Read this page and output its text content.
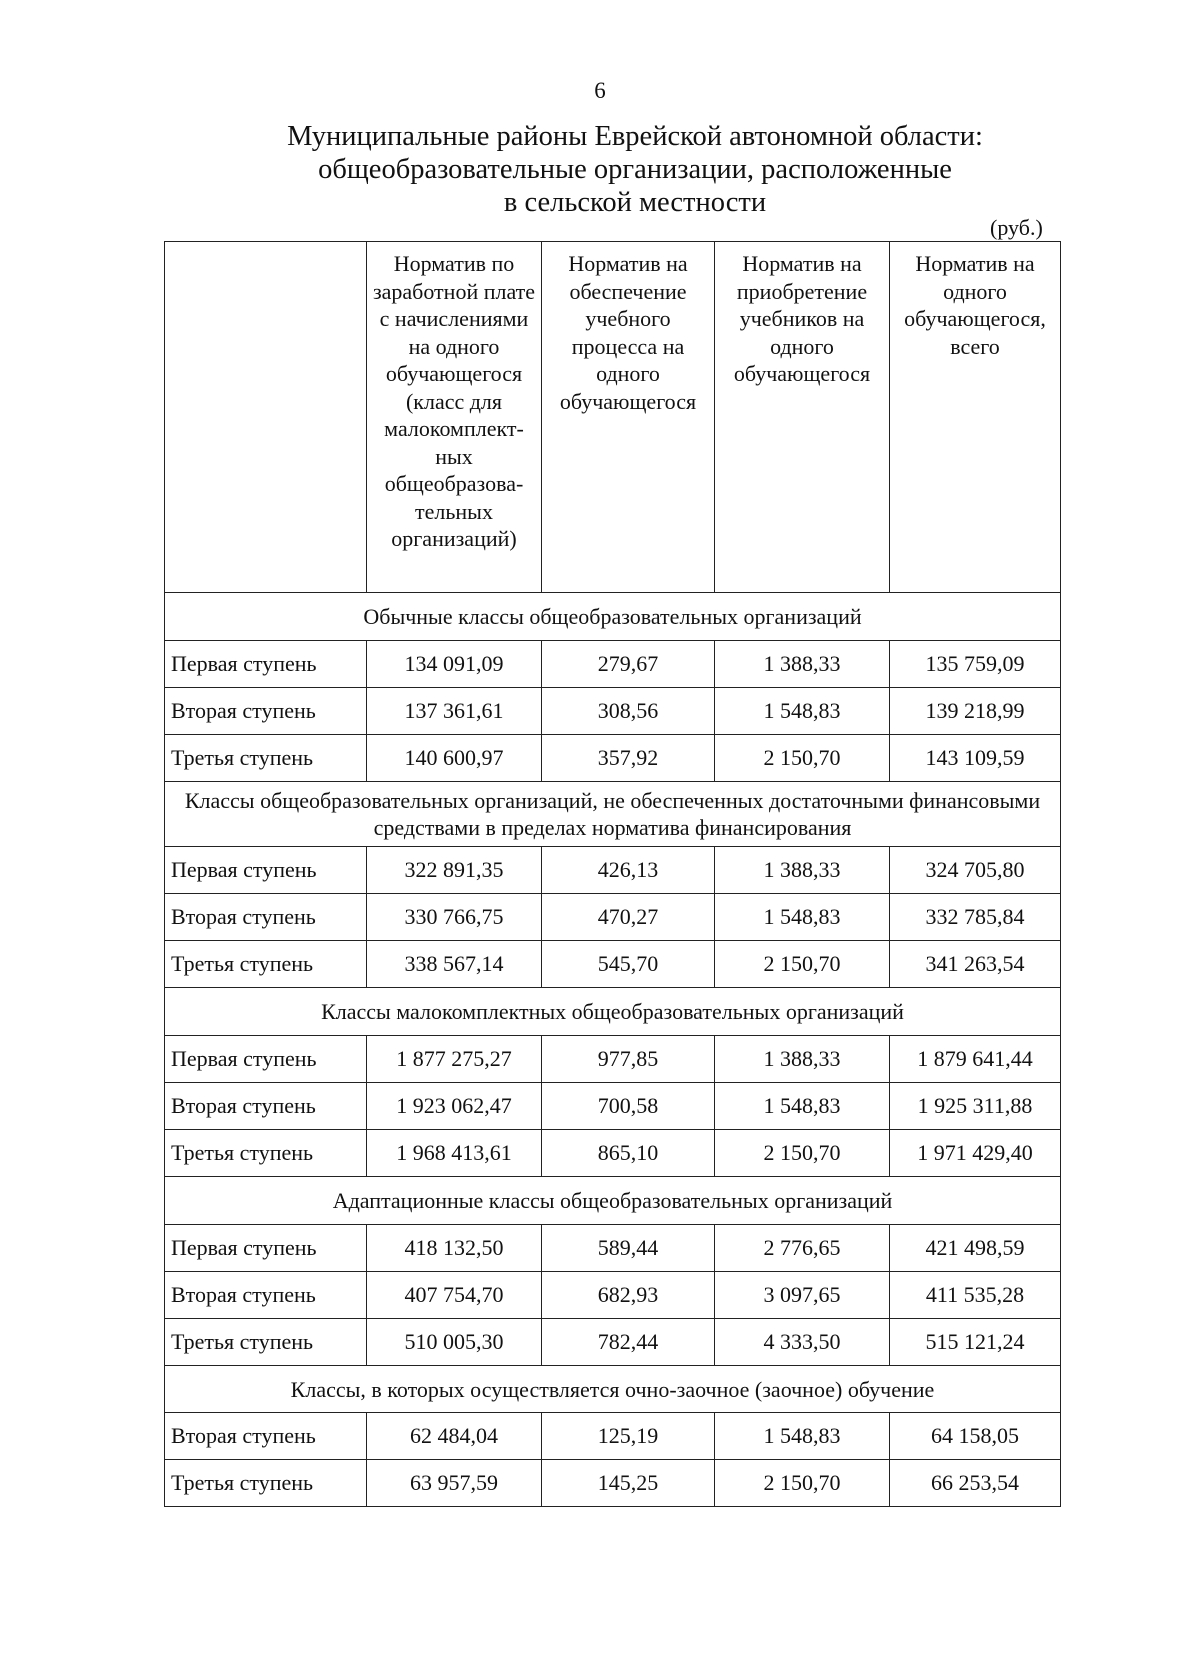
6
Муниципальные районы Еврейской автономной области:
общеобразовательные организации, расположенные
в сельской местности
(руб.)

	Норматив по заработной плате с начислениями на одного обучающегося (класс для малокомплект-ных общеобразова-тельных организаций)	Норматив на обеспечение учебного процесса на одного обучающегося	Норматив на приобретение учебников на одного обучающегося	Норматив на одного обучающегося, всего

Обычные классы общеобразовательных организаций				
Первая ступень	134 091,09	279,67	1 388,33	135 759,09
Вторая ступень	137 361,61	308,56	1 548,83	139 218,99
Третья ступень	140 600,97	357,92	2 150,70	143 109,59
Классы общеобразовательных организаций, не обеспеченных достаточными финансовыми средствами в пределах норматива финансирования				
Первая ступень	322 891,35	426,13	1 388,33	324 705,80
Вторая ступень	330 766,75	470,27	1 548,83	332 785,84
Третья ступень	338 567,14	545,70	2 150,70	341 263,54
Классы малокомплектных общеобразовательных организаций				
Первая ступень	1 877 275,27	977,85	1 388,33	1 879 641,44
Вторая ступень	1 923 062,47	700,58	1 548,83	1 925 311,88
Третья ступень	1 968 413,61	865,10	2 150,70	1 971 429,40
Адаптационные классы общеобразовательных организаций				
Первая ступень	418 132,50	589,44	2 776,65	421 498,59
Вторая ступень	407 754,70	682,93	3 097,65	411 535,28
Третья ступень	510 005,30	782,44	4 333,50	515 121,24
Классы, в которых осуществляется очно-заочное (заочное) обучение				
Вторая ступень	62 484,04	125,19	1 548,83	64 158,05
Третья ступень	63 957,59	145,25	2 150,70	66 253,54
